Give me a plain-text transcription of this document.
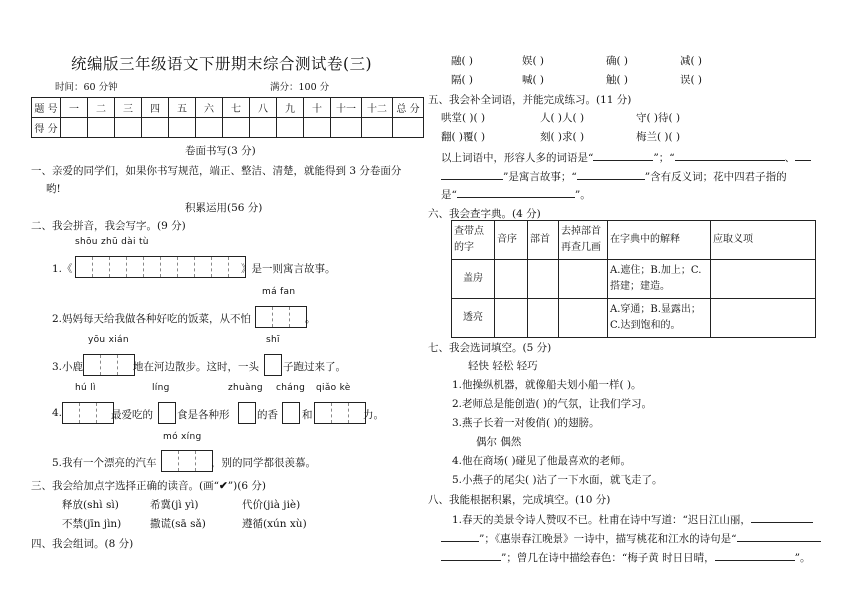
统编版三年级语文下册期末综合测试卷(三)
时间：60 分钟	满分：100 分
题 号	一	二	三	四	五	六	七	八	九	十	十一	十二	总 分
得 分													
卷面书写(3 分)
一、亲爱的同学们，如果你书写规范，端正、整洁、清楚，就能得到 3 分卷面分
哟!
积累运用(56 分)
二、我会拼音，我会写字。(9 分)
shōu zhū dài tù
1.《	》是一则寓言故事。
má fan
2.妈妈每天给我做各种好吃的饭菜，从不怕	。
yōu xián	shī
3.小鹿	地在河边散步。这时，一头 子跑过来了。
hú lì	líng	zhuàng cháng qiǎo kè
4.	最爱吃的 食是各种形	的香 和	力。
mó xíng
5.我有一个漂亮的汽车	，别的同学都很羡慕。
三、我会给加点字选择正确的读音。(画“✔”)(6 分)
释放(shì sì)	希冀(jì yì)	代价(jià jiè)
不禁(jīn jìn)	撒谎(sā sǎ)	遵循(xún xù)
四、我会组词。(8 分)
融( )	娱( )	确( )	减( )
隔( )	喊( )	触( )	误( )
五、我会补全词语，并能完成练习。(11 分)
哄堂( )( )	人( )人( )	守( )待( )
翻( )覆( )	刻( )求( )	梅兰( )( )
以上词语中，形容人多的词语是“	”；“	、
”是寓言故事；“	”含有反义词；花中四君子指的
是“	”。
六、我会查字典。(4 分)
查带点的字	音序	部首	去掉部首再查几画	在字典中的解释	应取义项
盖房				A.遮住；B.加上；C.搭建；建造。	
透亮				A.穿通；B.显露出；C.达到饱和的。	
七、我会选词填空。(5 分)
轻快 轻松 轻巧
1.他操纵机器，就像船夫划小船一样( )。
2.老师总是能创造( )的气氛，让我们学习。
3.燕子长着一对俊俏( )的翅膀。
偶尔 偶然
4.他在商场( )碰见了他最喜欢的老师。
5.小燕子的尾尖( )沾了一下水面，就飞走了。
八、我能根据积累，完成填空。(10 分)
1.春天的美景令诗人赞叹不已。杜甫在诗中写道：“迟日江山丽，
”；《惠崇春江晚景》一诗中，描写桃花和江水的诗句是“
”；曾几在诗中描绘春色：“梅子黄 时日日晴，	”。
